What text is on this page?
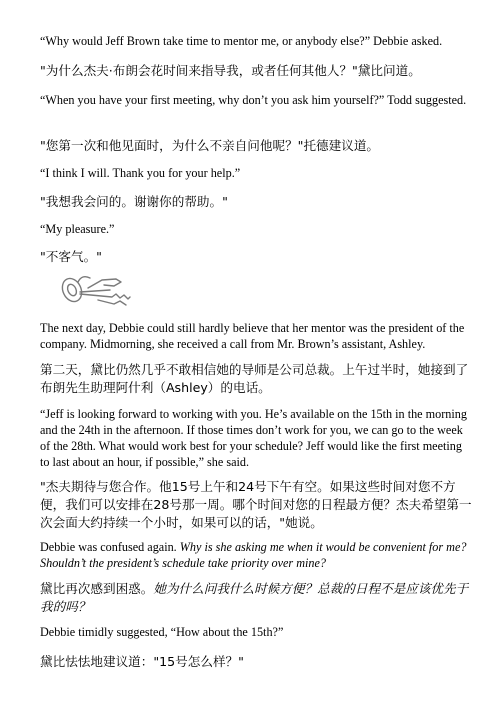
“Why would Jeff Brown take time to mentor me, or anybody else?” Debbie asked.

"为什么杰夫·布朗会花时间来指导我，或者任何其他人？"黛比问道。

“When you have your first meeting, why don’t you ask him yourself?” Todd suggested.

"您第一次和他见面时，为什么不亲自问他呢？"托德建议道。

“I think I will. Thank you for your help.”

"我想我会问的。谢谢你的帮助。"

“My pleasure.”

"不客气。"

The next day, Debbie could still hardly believe that her mentor was the president of the company. Midmorning, she received a call from Mr. Brown’s assistant, Ashley.

第二天，黛比仍然几乎不敢相信她的导师是公司总裁。上午过半时，她接到了布朗先生助理阿什利（Ashley）的电话。

“Jeff is looking forward to working with you. He’s available on the 15th in the morning and the 24th in the afternoon. If those times don’t work for you, we can go to the week of the 28th. What would work best for your schedule? Jeff would like the first meeting to last about an hour, if possible,” she said.

"杰夫期待与您合作。他15号上午和24号下午有空。如果这些时间对您不方便，我们可以安排在28号那一周。哪个时间对您的日程最方便？杰夫希望第一次会面大约持续一个小时，如果可以的话，"她说。

Debbie was confused again. Why is she asking me when it would be convenient for me? Shouldn’t the president’s schedule take priority over mine?

黛比再次感到困惑。她为什么问我什么时候方便？总裁的日程不是应该优先于我的吗？

Debbie timidly suggested, “How about the 15th?”

黛比怯怯地建议道："15号怎么样？"
